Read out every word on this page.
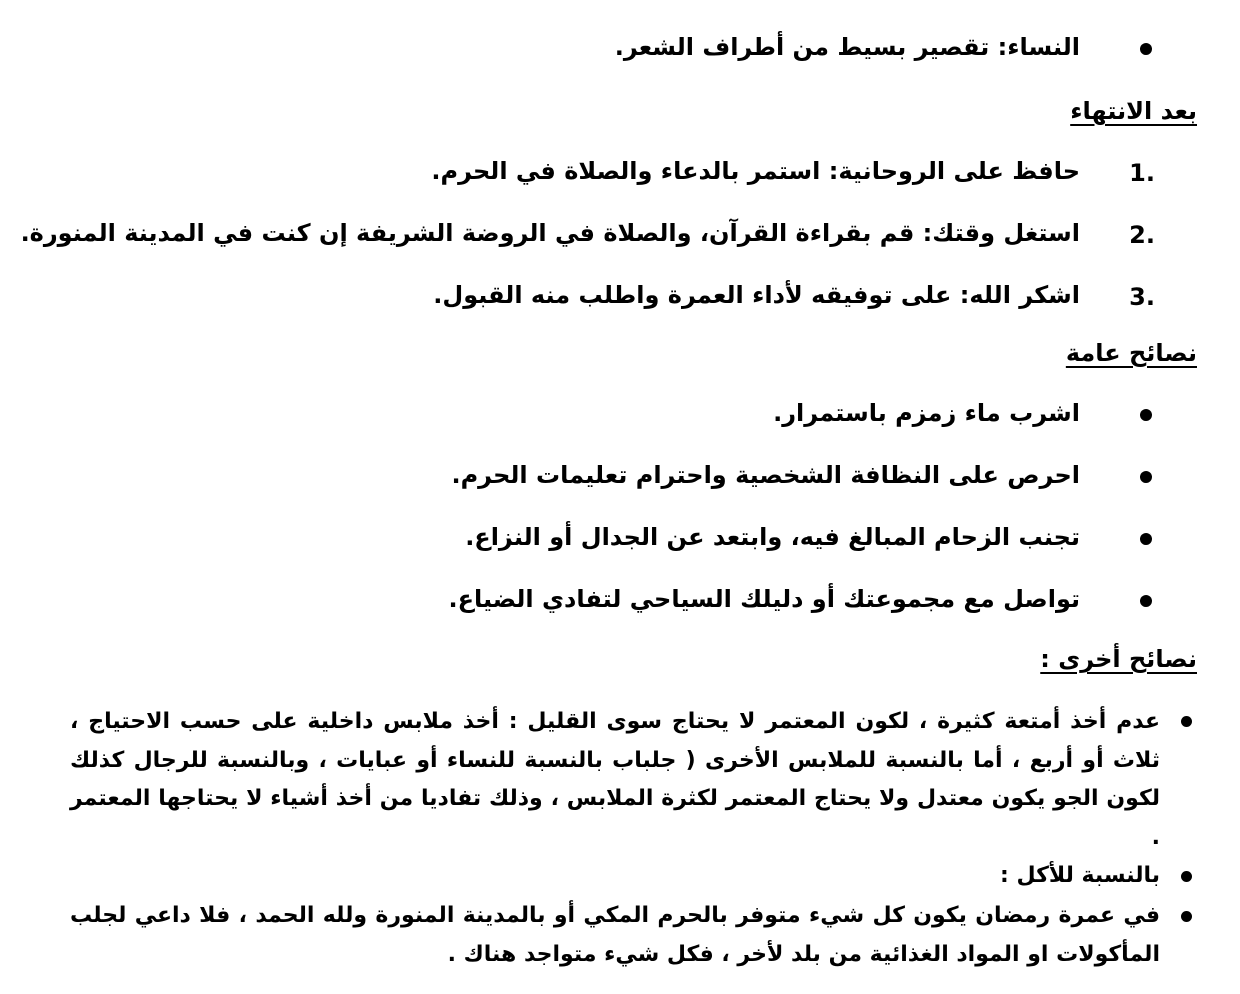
النساء: تقصير بسيط من أطراف الشعر.
بعد الانتهاء
1.
حافظ على الروحانية: استمر بالدعاء والصلاة في الحرم.
2.
استغل وقتك: قم بقراءة القرآن، والصلاة في الروضة الشريفة إن كنت في المدينة المنورة.
3.
اشكر الله: على توفيقه لأداء العمرة واطلب منه القبول.
نصائح عامة
اشرب ماء زمزم باستمرار.
احرص على النظافة الشخصية واحترام تعليمات الحرم.
تجنب الزحام المبالغ فيه، وابتعد عن الجدال أو النزاع.
تواصل مع مجموعتك أو دليلك السياحي لتفادي الضياع.
نصائح أخرى :
عدم أخذ أمتعة كثيرة ، لكون المعتمر لا يحتاج سوى القليل : أخذ ملابس داخلية على حسب الاحتياج ، ثلاث أو أربع ، أما بالنسبة للملابس الأخرى ( جلباب بالنسبة للنساء أو عبايات ، وبالنسبة للرجال كذلك لكون الجو يكون معتدل ولا يحتاج المعتمر لكثرة الملابس ، وذلك تفاديا من أخذ أشياء لا يحتاجها المعتمر .
بالنسبة للأكل :
في عمرة رمضان يكون كل شيء متوفر بالحرم المكي أو بالمدينة المنورة ولله الحمد ، فلا داعي لجلب المأكولات او المواد الغذائية من بلد لأخر ، فكل شيء متواجد هناك .
